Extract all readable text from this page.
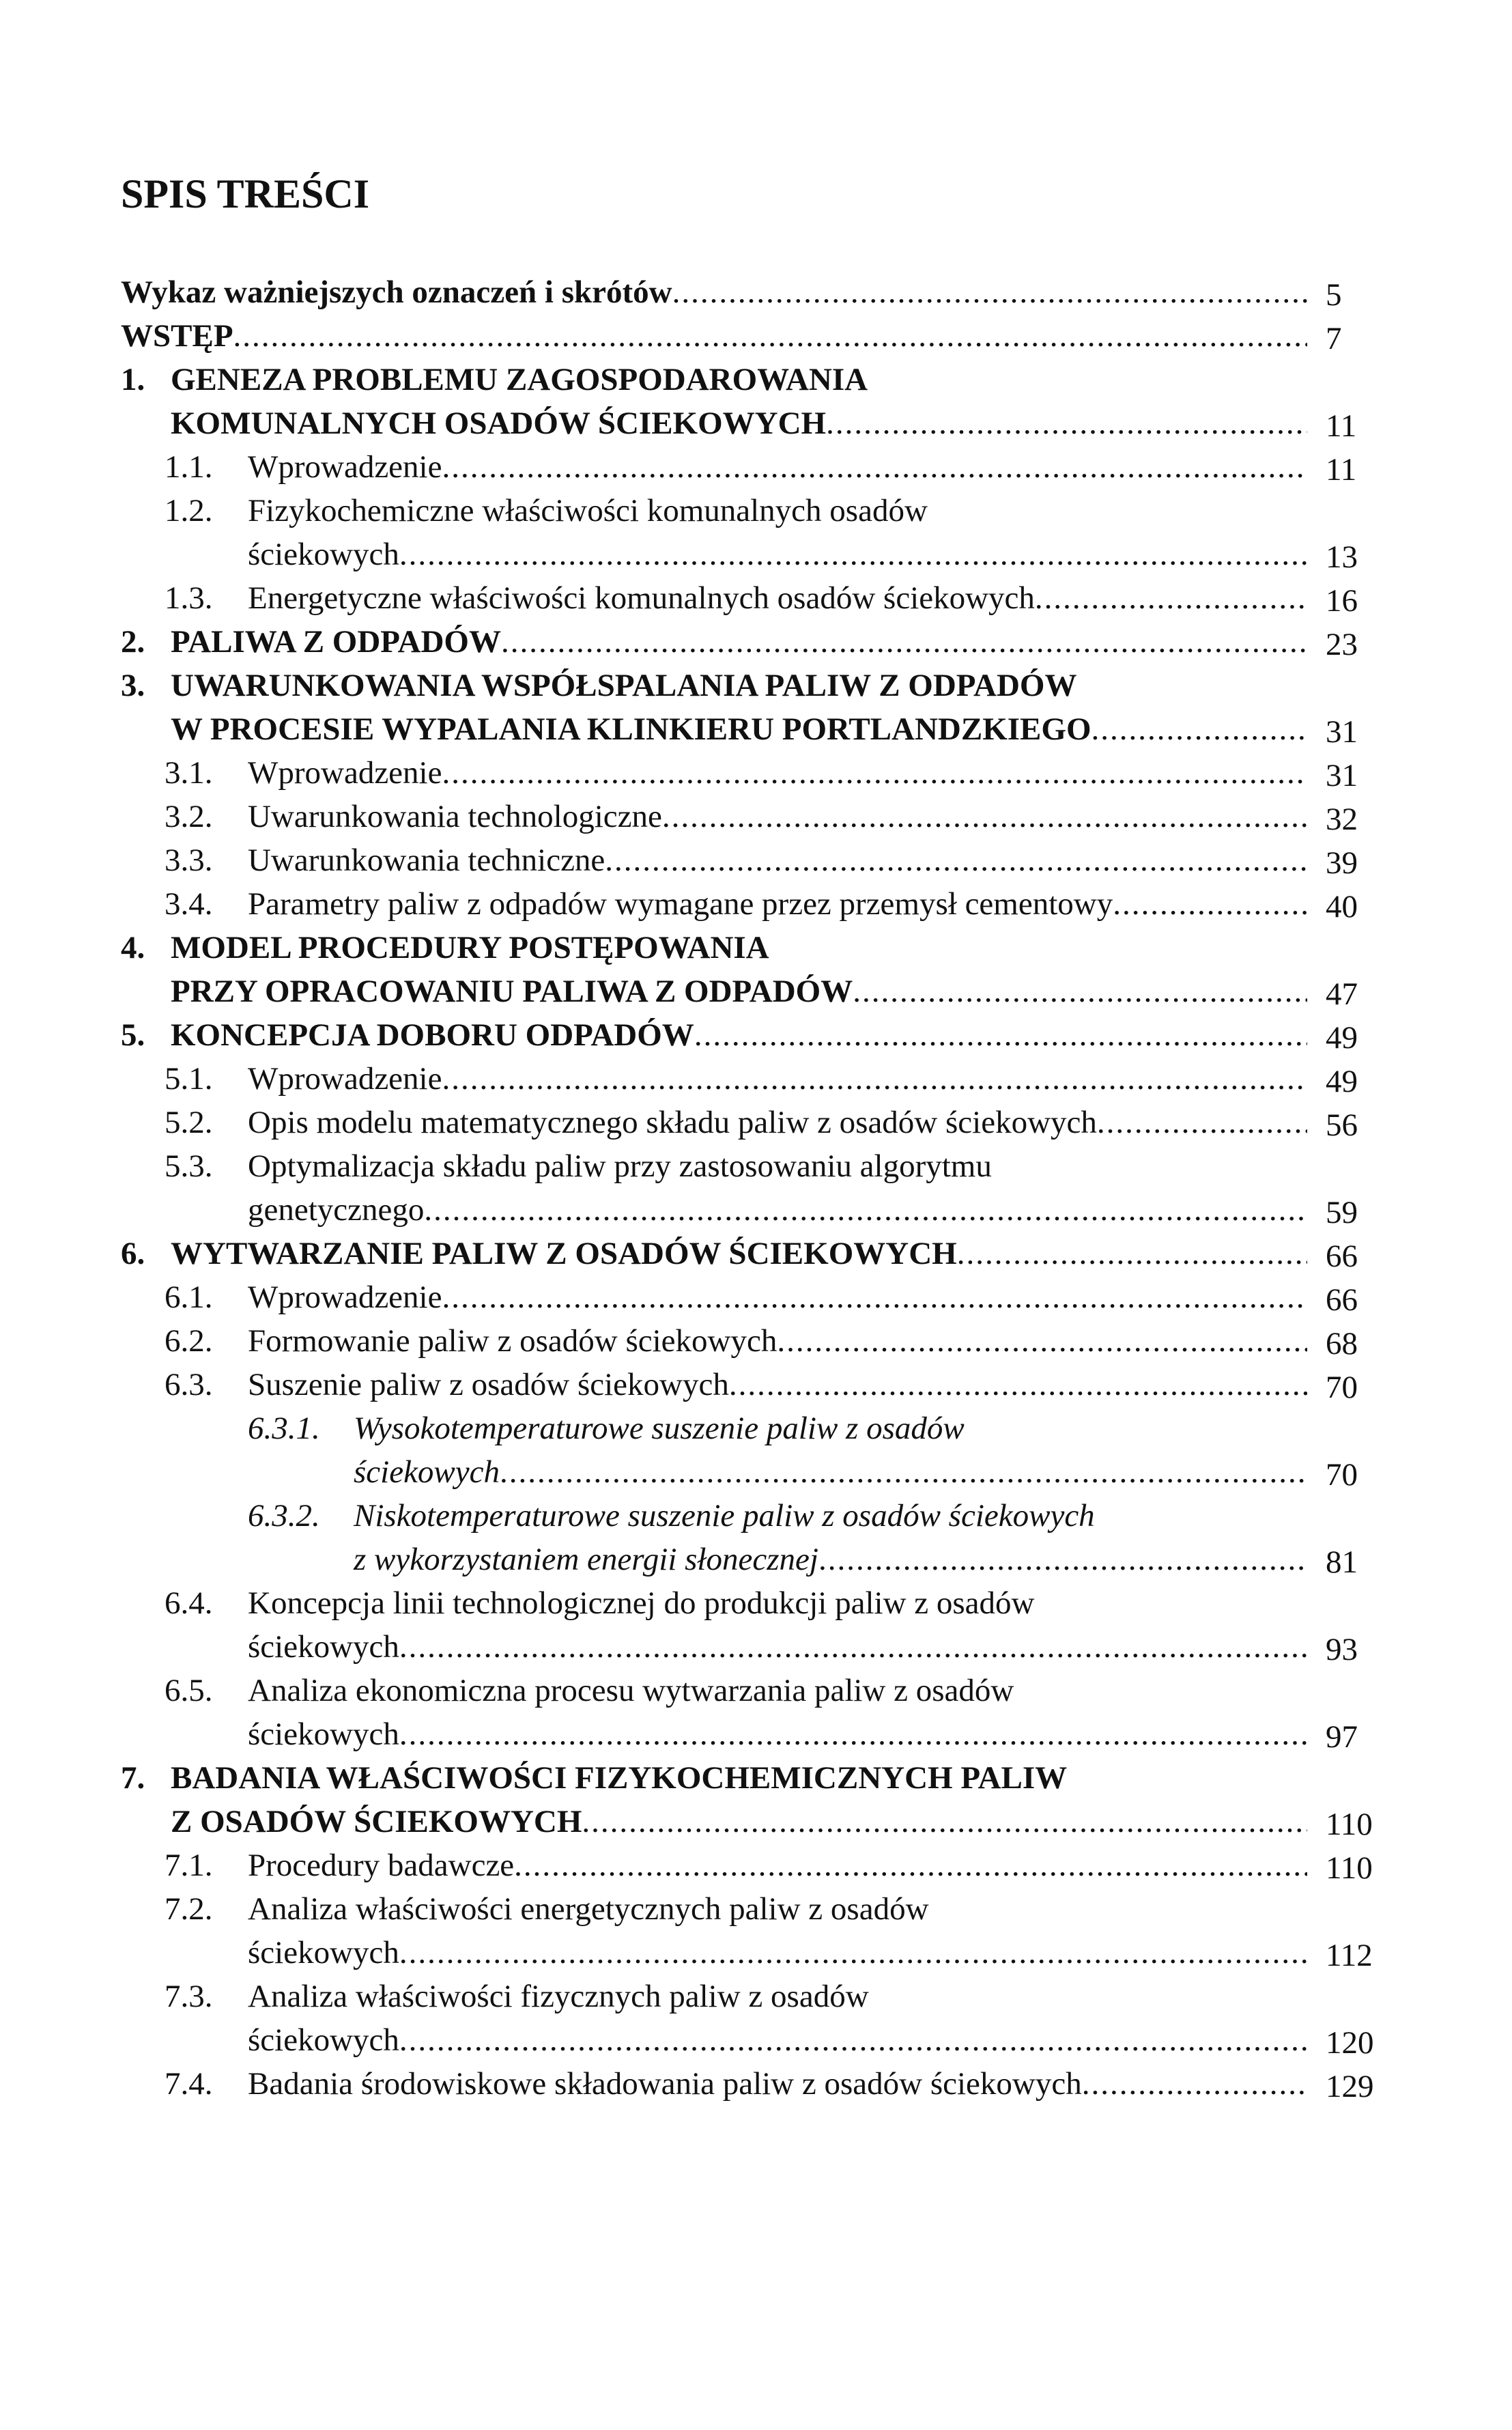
SPIS TREŚCI
Wykaz ważniejszych oznaczeń i skrótów .....	5
WSTĘP .....	7
1. GENEZA PROBLEMU ZAGOSPODAROWANIA
KOMUNALNYCH OSADÓW ŚCIEKOWYCH .....	11
1.1. Wprowadzenie .....	11
1.2. Fizykochemiczne właściwości komunalnych osadów
ściekowych .....	13
1.3. Energetyczne właściwości komunalnych osadów ściekowych .....	16
2. PALIWA Z ODPADÓW .....	23
3. UWARUNKOWANIA WSPÓŁSPALANIA PALIW Z ODPADÓW
W PROCESIE WYPALANIA KLINKIERU PORTLANDZKIEGO .....	31
3.1. Wprowadzenie .....	31
3.2. Uwarunkowania technologiczne .....	32
3.3. Uwarunkowania techniczne .....	39
3.4. Parametry paliw z odpadów wymagane przez przemysł cementowy .....	40
4. MODEL PROCEDURY POSTĘPOWANIA
PRZY OPRACOWANIU PALIWA Z ODPADÓW .....	47
5. KONCEPCJA DOBORU ODPADÓW .....	49
5.1. Wprowadzenie .....	49
5.2. Opis modelu matematycznego składu paliw z osadów ściekowych .....	56
5.3. Optymalizacja składu paliw przy zastosowaniu algorytmu
genetycznego .....	59
6. WYTWARZANIE PALIW Z OSADÓW ŚCIEKOWYCH .....	66
6.1. Wprowadzenie .....	66
6.2. Formowanie paliw z osadów ściekowych .....	68
6.3. Suszenie paliw z osadów ściekowych .....	70
6.3.1. Wysokotemperaturowe suszenie paliw z osadów
ściekowych .....	70
6.3.2. Niskotemperaturowe suszenie paliw z osadów ściekowych
z wykorzystaniem energii słonecznej .....	81
6.4. Koncepcja linii technologicznej do produkcji paliw z osadów
ściekowych .....	93
6.5. Analiza ekonomiczna procesu wytwarzania paliw z osadów
ściekowych .....	97
7. BADANIA WŁAŚCIWOŚCI FIZYKOCHEMICZNYCH PALIW
Z OSADÓW ŚCIEKOWYCH .....	110
7.1. Procedury badawcze .....	110
7.2. Analiza właściwości energetycznych paliw z osadów
ściekowych .....	112
7.3. Analiza właściwości fizycznych paliw z osadów
ściekowych .....	120
7.4. Badania środowiskowe składowania paliw z osadów ściekowych .....	129
